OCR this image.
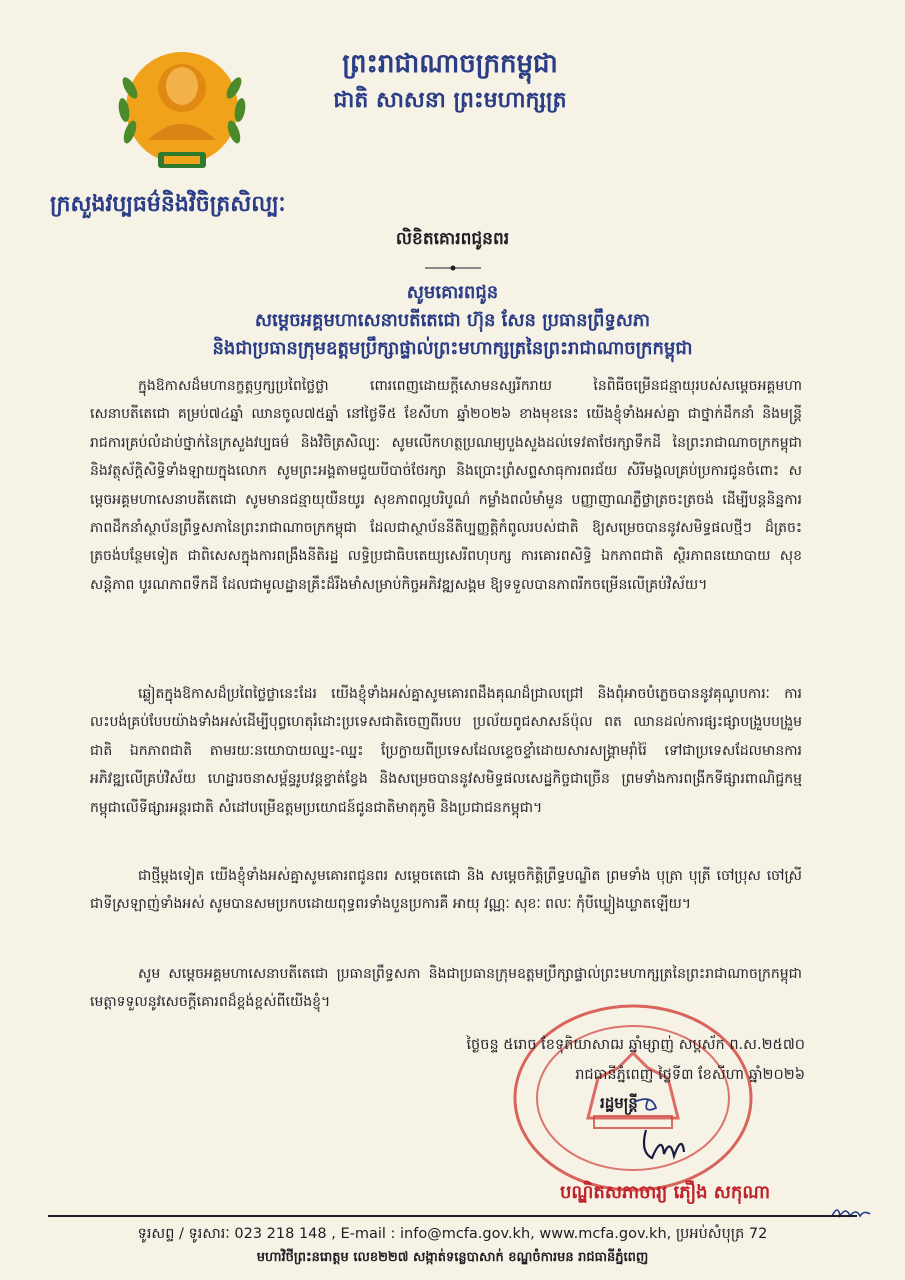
ព្រះរាជាណាចក្រកម្ពុជា
ជាតិ សាសនា ព្រះមហាក្សត្រ
ក្រសួងវប្បធម៌និងវិចិត្រសិល្បៈ
លិខិតគោរពជូនពរ
សូមគោរពជូន
សម្តេចអគ្គមហាសេនាបតីតេជោ ហ៊ុន សែន ប្រធានព្រឹទ្ធសភា
និងជាប្រធានក្រុមឧត្តមប្រឹក្សាផ្ទាល់ព្រះមហាក្សត្រនៃព្រះរាជាណាចក្រកម្ពុជា
ក្នុងឱកាសដ៏មហានក្ខត្តឫក្សប្រពៃថ្លៃថ្លា ពោរពេញដោយក្តីសោមនស្សរីករាយ នៃពិធីចម្រើនជន្មាយុរបស់សម្តេចអគ្គមហាសេនាបតីតេជោ គម្រប់៧៤ឆ្នាំ ឈានចូល៧៥ឆ្នាំ នៅថ្ងៃទី៥ ខែសីហា ឆ្នាំ២០២៦ ខាងមុខនេះ យើងខ្ញុំទាំងអស់គ្នា ជាថ្នាក់ដឹកនាំ និងមន្ត្រីរាជការគ្រប់លំដាប់ថ្នាក់នៃក្រសួងវប្បធម៌ និងវិចិត្រសិល្បៈ សូមលើកហត្ថប្រណម្យបួងសួងដល់ទេវតាថែរក្សាទឹកដី នៃព្រះរាជាណាចក្រកម្ពុជា និងវត្ថុស័ក្តិសិទ្ធិទាំងឡាយក្នុងលោក សូមព្រះអង្គតាមជួយបីបាច់ថែរក្សា និងប្រោះព្រំសព្ទសាធុការពរជ័យ សិរីមង្គលគ្រប់ប្រការជូនចំពោះ សម្តេចអគ្គមហាសេនាបតីតេជោ សូមមានជន្មាយុយឺនយូរ សុខភាពល្អបរិបូណ៌ កម្លាំងពលំមាំមួន បញ្ញាញាណភ្លឺថ្លាត្រចះត្រចង់ ដើម្បីបន្តនិន្នការភាពដឹកនាំស្ថាប័នព្រឹទ្ធសភានៃព្រះរាជាណាចក្រកម្ពុជា ដែលជាស្ថាប័ននីតិប្បញ្ញត្តិកំពូលរបស់ជាតិ ឱ្យសម្រេចបាននូវសមិទ្ធផលថ្មីៗ ដ៏ត្រចះត្រចង់បន្ថែមទៀត ជាពិសេសក្នុងការពង្រឹងនីតិរដ្ឋ លទ្ធិប្រជាធិបតេយ្យសេរីពហុបក្ស ការគោរពសិទ្ធិ ឯកភាពជាតិ ស្ថិរភាពនយោបាយ សុខសន្តិភាព បូរណភាពទឹកដី ដែលជាមូលដ្ឋានគ្រឹះដ៏រឹងមាំសម្រាប់កិច្ចអភិវឌ្ឍសង្គម ឱ្យទទួលបានភាពរីកចម្រើនលើគ្រប់វិស័យ។
ឆ្លៀតក្នុងឱកាសដ៏ប្រពៃថ្លៃថ្លានេះដែរ យើងខ្ញុំទាំងអស់គ្នាសូមគោរពដឹងគុណដ៏ជ្រាលជ្រៅ និងពុំអាចបំភ្លេចបាននូវគុណូបការៈ ការលះបង់គ្រប់បែបយ៉ាងទាំងអស់ដើម្បីបុព្វហេតុរំដោះប្រទេសជាតិចេញពីរបប ប្រល័យពូជសាសន៍ប៉ុល ពត ឈានដល់ការផ្សះផ្សាបង្រួបបង្រួមជាតិ ឯកភាពជាតិ តាមរយៈនយោបាយឈ្នះ-ឈ្នះ ប្រែក្លាយពីប្រទេសដែលខ្ទេចខ្ទាំដោយសារសង្គ្រាមរ៉ាំរ៉ៃ ទៅជាប្រទេសដែលមានការអភិវឌ្ឍលើគ្រប់វិស័យ ហេដ្ឋារចនាសម្ព័ន្ធរូបវន្តខ្វាត់ខ្វែង និងសម្រេចបាននូវសមិទ្ធផលសេដ្ឋកិច្ចជាច្រើន ព្រមទាំងការពង្រីកទីផ្សារពាណិជ្ជកម្មកម្ពុជាលើទីផ្សារអន្តរជាតិ សំដៅបម្រើឧត្តមប្រយោជន៍ជូនជាតិមាតុភូមិ និងប្រជាជនកម្ពុជា។
ជាថ្មីម្តងទៀត យើងខ្ញុំទាំងអស់គ្នាសូមគោរពជូនពរ សម្តេចតេជោ និង សម្តេចកិត្តិព្រឹទ្ធបណ្ឌិត ព្រមទាំង បុត្រា បុត្រី ចៅប្រុស ចៅស្រី ជាទីស្រឡាញ់ទាំងអស់ សូមបានសមប្រកបដោយពុទ្ធពរទាំងបួនប្រការគឺ អាយុ វណ្ណៈ សុខៈ ពលៈ កុំបីឃ្លៀងឃ្លាតឡើយ។
សូម សម្តេចអគ្គមហាសេនាបតីតេជោ ប្រធានព្រឹទ្ធសភា និងជាប្រធានក្រុមឧត្តមប្រឹក្សាផ្ទាល់ព្រះមហាក្សត្រនៃព្រះរាជាណាចក្រកម្ពុជា មេត្តាទទួលនូវសេចក្តីគោរពដ៏ខ្ពង់ខ្ពស់ពីយើងខ្ញុំ។
ថ្ងៃចន្ទ ៥រោច ខែទុតិយាសាឍ ឆ្នាំម្សាញ់ សប្តស័ក ព.ស.២៥៧០
រាជធានីភ្នំពេញ ថ្ងៃទី៣ ខែសីហា ឆ្នាំ២០២៦
រដ្ឋមន្ត្រី
បណ្ឌិតសភាចារ្យ ភឿង សកុណា
ទូរសព្ទ / ទូរសារៈ 023 218 148 , E-mail : info@mcfa.gov.kh, www.mcfa.gov.kh, ប្រអប់សំបុត្រ 72
មហាវិថីព្រះនរោត្តម លេខ២២៧ សង្កាត់ទន្លេបាសាក់ ខណ្ឌចំការមន រាជធានីភ្នំពេញ
